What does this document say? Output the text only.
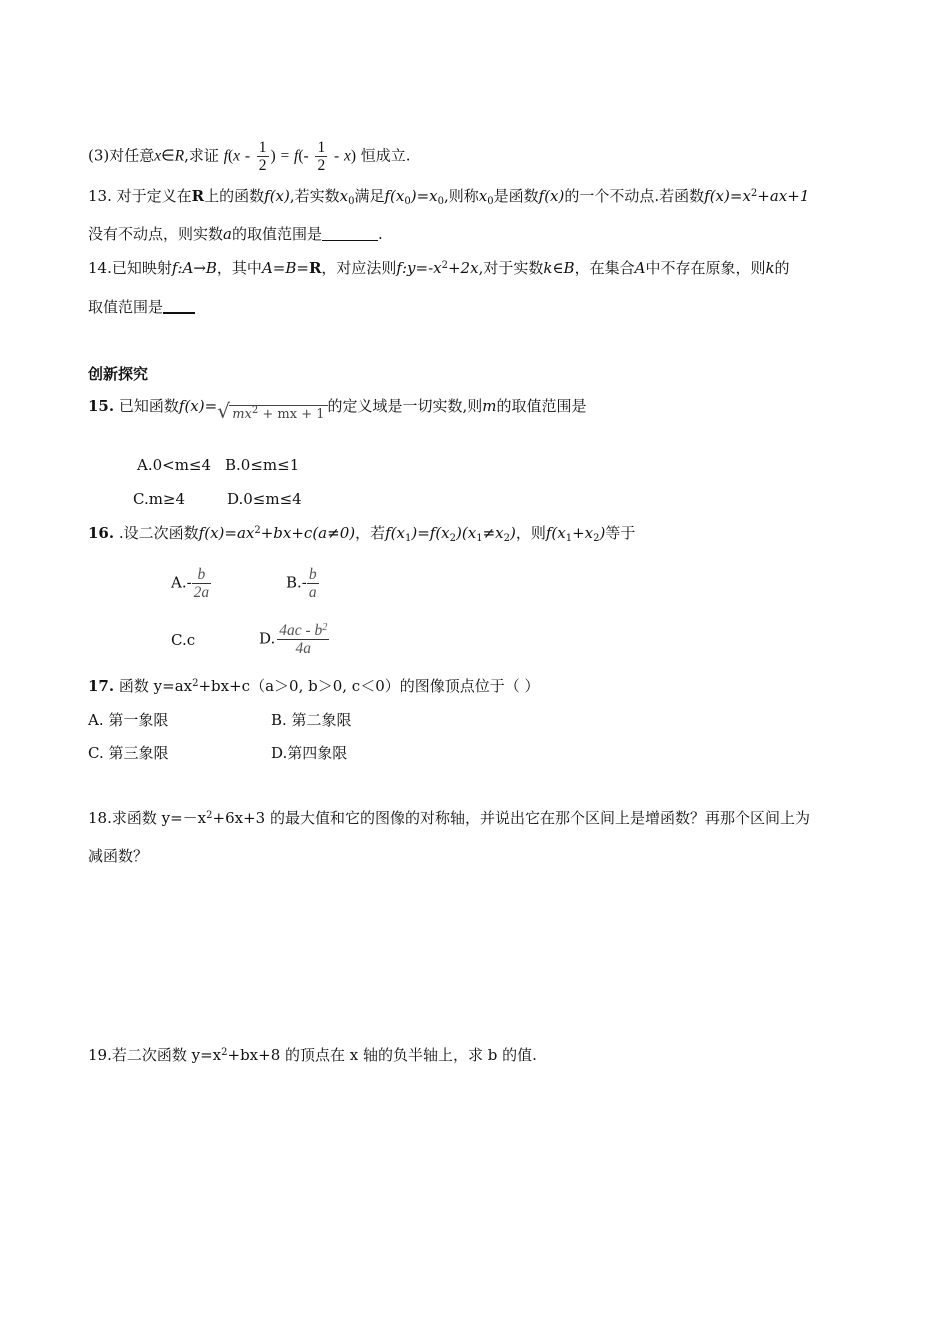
(3)对任意x∈R,求证 $f(x - \frac{1}{2}$ ) = $f(- \frac{1}{2} - x)$ 恒成立.
13. 对于定义在R上的函数f(x),若实数$x_0$满足$f(x_0)=x_0$,则称$x_0$是函数f(x)的一个不动点.若函数$f(x)=x^2+ax+1$
没有不动点，则实数a的取值范围是	.
14.已知映射f:A→B，其中A=B=R，对应法则$f:y=-x^2+2x$,对于实数k∈B，在集合A中不存在原象，则k的
取值范围是
创新探究
15. 已知函数f(x)= √ $mx^2$ + mx + 1 的定义域是一切实数,则m的取值范围是
A.0<m≤4 B.0≤m≤1
C.m≥4	D.0≤m≤4
16. .设二次函数$f(x)=ax^2+bx+c(a\ne 0)$，若$f(x_1)=f(x_2)(x_1\ne x_2)$，则$f(x_1+x_2)$等于
$A.- \frac{b}{2a}$	$B.- \frac{b}{a}$
C.c	D. $\frac{4ac - b^2}{4a}$
17. 函数 $y=ax^2+bx+c(a>0$, b＞0, c＜0）的图像顶点位于（ ）
A. 第一象限	B. 第二象限
C. 第三象限	D.第四象限
18.求函数 $y=-x^2+6x+3$ 的最大值和它的图像的对称轴，并说出它在那个区间上是增函数？再那个区间上为
减函数？
19.若二次函数 $y=x^2+bx+8$ 的顶点在 x 轴的负半轴上，求 b 的值.
